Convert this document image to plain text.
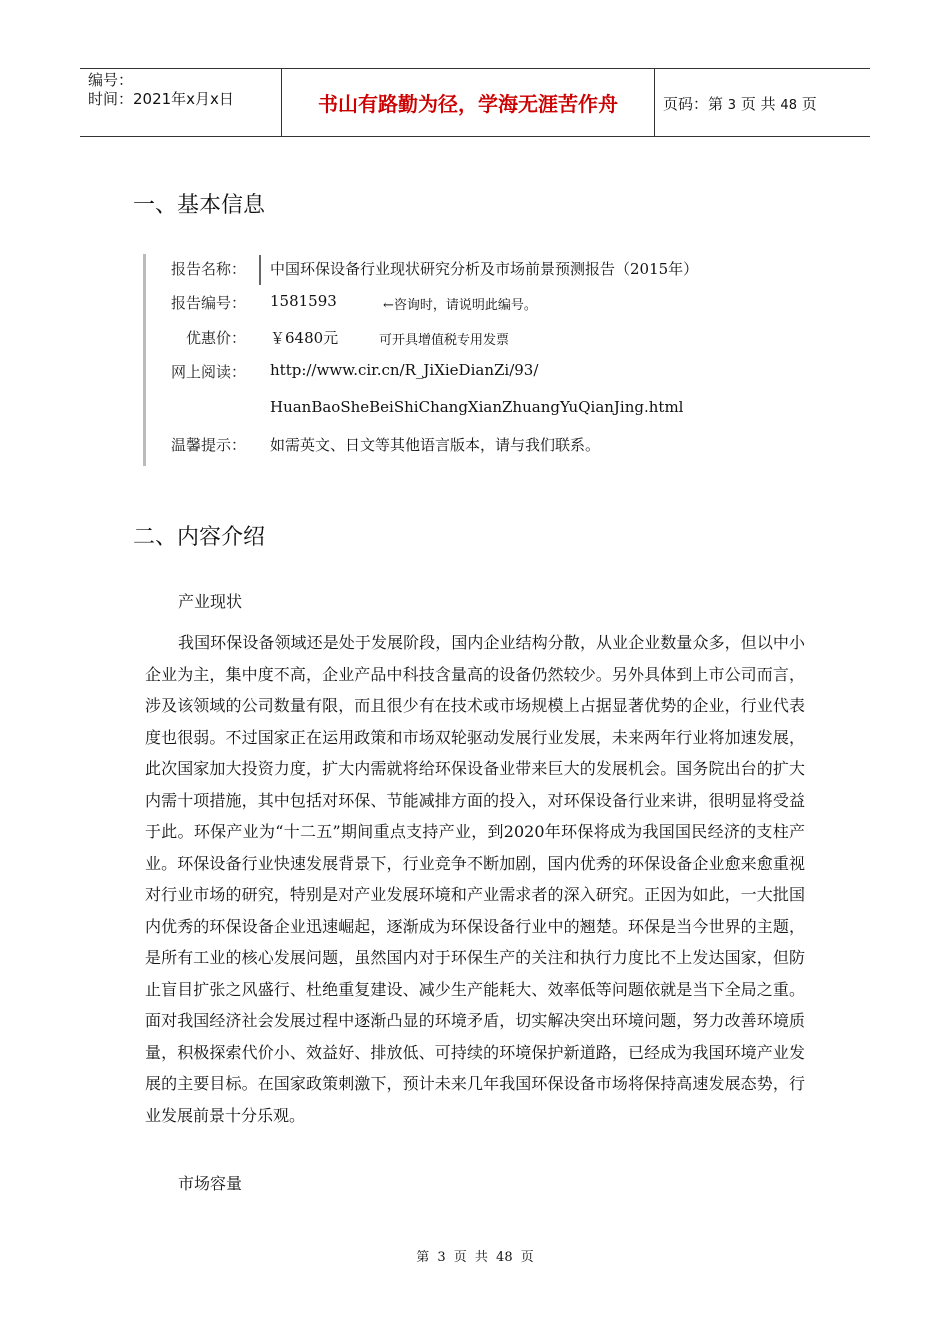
编号：
时间：2021年x月x日	书山有路勤为径，学海无涯苦作舟	页码：第 3 页 共 48 页
一、基本信息
报告名称： 中国环保设备行业现状研究分析及市场前景预测报告（2015年）
报告编号： 1581593	←咨询时，请说明此编号。
优惠价： ￥6480元	可开具增值税专用发票
网上阅读： http://www.cir.cn/R_JiXieDianZi/93/
HuanBaoSheBeiShiChangXianZhuangYuQianJing.html
温馨提示： 如需英文、日文等其他语言版本，请与我们联系。
二、内容介绍
产业现状

我国环保设备领域还是处于发展阶段，国内企业结构分散，从业企业数量众多，但以中小企业为主，集中度不高，企业产品中科技含量高的设备仍然较少。另外具体到上市公司而言，涉及该领域的公司数量有限，而且很少有在技术或市场规模上占据显著优势的企业，行业代表度也很弱。不过国家正在运用政策和市场双轮驱动发展行业发展，未来两年行业将加速发展，此次国家加大投资力度，扩大内需就将给环保设备业带来巨大的发展机会。国务院出台的扩大内需十项措施，其中包括对环保、节能减排方面的投入，对环保设备行业来讲，很明显将受益于此。环保产业为“十二五”期间重点支持产业，到2020年环保将成为我国国民经济的支柱产业。环保设备行业快速发展背景下，行业竞争不断加剧，国内优秀的环保设备企业愈来愈重视对行业市场的研究，特别是对产业发展环境和产业需求者的深入研究。正因为如此，一大批国内优秀的环保设备企业迅速崛起，逐渐成为环保设备行业中的翘楚。环保是当今世界的主题，是所有工业的核心发展问题，虽然国内对于环保生产的关注和执行力度比不上发达国家，但防止盲目扩张之风盛行、杜绝重复建设、减少生产能耗大、效率低等问题依就是当下全局之重。面对我国经济社会发展过程中逐渐凸显的环境矛盾，切实解决突出环境问题，努力改善环境质量，积极探索代价小、效益好、排放低、可持续的环境保护新道路，已经成为我国环境产业发展的主要目标。在国家政策刺激下，预计未来几年我国环保设备市场将保持高速发展态势，行业发展前景十分乐观。

市场容量
第 3 页 共 48 页
